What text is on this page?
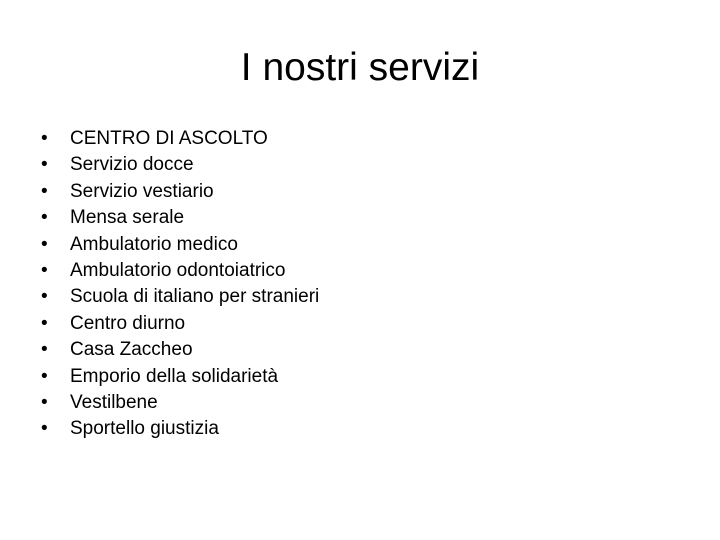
I nostri servizi
•	CENTRO DI ASCOLTO
•	Servizio docce
•	Servizio vestiario
•	Mensa serale
•	Ambulatorio medico
•	Ambulatorio odontoiatrico
•	Scuola di italiano per stranieri
•	Centro diurno
•	Casa Zaccheo
•	Emporio della solidarietà
•	Vestilbene
•	Sportello giustizia
